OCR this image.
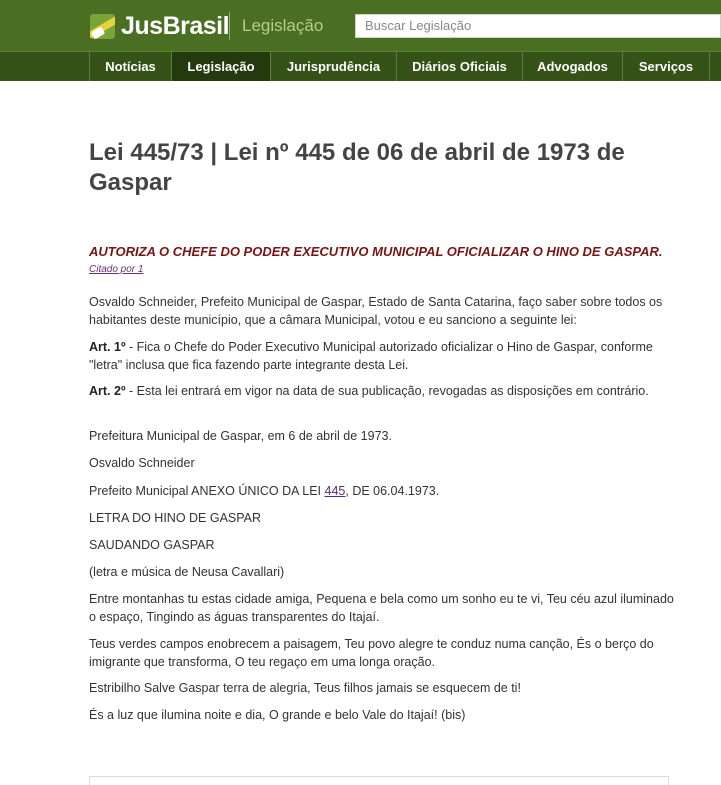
JusBrasil Legislação	Buscar Legislação
Notícias	Legislação	Jurisprudência	Diários Oficiais	Advogados	Serviços
Lei 445/73 | Lei nº 445 de 06 de abril de 1973 de Gaspar
AUTORIZA O CHEFE DO PODER EXECUTIVO MUNICIPAL OFICIALIZAR O HINO DE GASPAR.
Citado por 1

Osvaldo Schneider, Prefeito Municipal de Gaspar, Estado de Santa Catarina, faço saber sobre todos os habitantes deste município, que a câmara Municipal, votou e eu sanciono a seguinte lei:

Art. 1º - Fica o Chefe do Poder Executivo Municipal autorizado oficializar o Hino de Gaspar, conforme "letra" inclusa que fica fazendo parte integrante desta Lei.

Art. 2º - Esta lei entrará em vigor na data de sua publicação, revogadas as disposições em contrário.

Prefeitura Municipal de Gaspar, em 6 de abril de 1973.

Osvaldo Schneider

Prefeito Municipal ANEXO ÚNICO DA LEI 445, DE 06.04.1973.

LETRA DO HINO DE GASPAR

SAUDANDO GASPAR

(letra e música de Neusa Cavallari)

Entre montanhas tu estas cidade amiga, Pequena e bela como um sonho eu te vi, Teu céu azul iluminado o espaço, Tingindo as águas transparentes do Itajaí.

Teus verdes campos enobrecem a paisagem, Teu povo alegre te conduz numa canção, És o berço do imigrante que transforma, O teu regaço em uma longa oração.

Estribilho Salve Gaspar terra de alegria, Teus filhos jamais se esquecem de ti!

És a luz que ilumina noite e dia, O grande e belo Vale do Itajaí! (bis)
